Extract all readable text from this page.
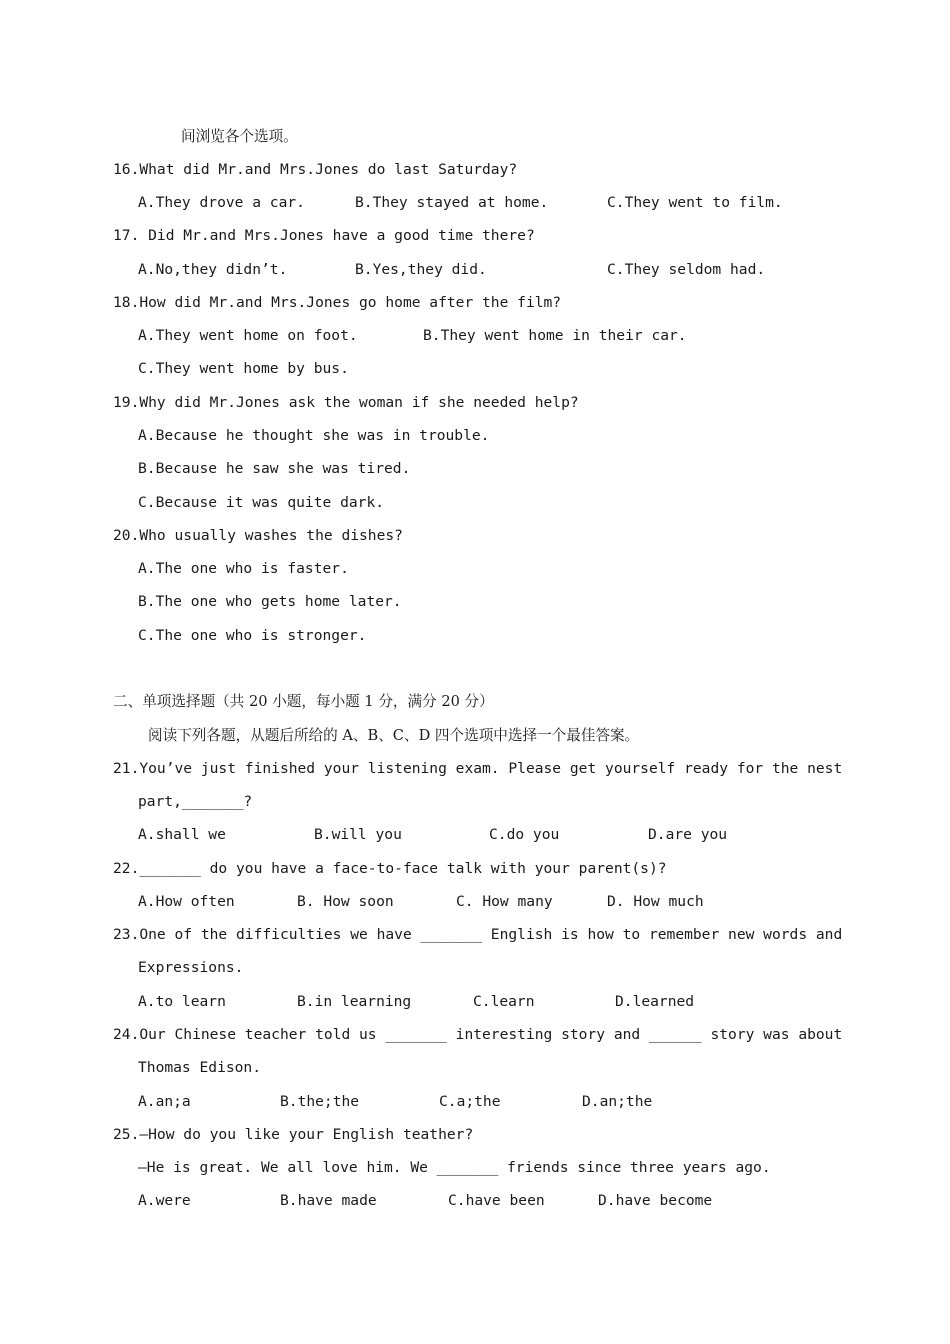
间浏览各个选项。
16.What did Mr.and Mrs.Jones do last Saturday?
A.They drove a car.	B.They stayed at home.	C.They went to film.
17. Did Mr.and Mrs.Jones have a good time there?
A.No,they didn’t.	B.Yes,they did.	C.They seldom had.
18.How did Mr.and Mrs.Jones go home after the film?
A.They went home on foot.	B.They went home in their car.
C.They went home by bus.
19.Why did Mr.Jones ask the woman if she needed help?
A.Because he thought she was in trouble.
B.Because he saw she was tired.
C.Because it was quite dark.
20.Who usually washes the dishes?
A.The one who is faster.
B.The one who gets home later.
C.The one who is stronger.
二、单项选择题（共 20 小题，每小题 1 分，满分 20 分）
阅读下列各题，从题后所给的 A、B、C、D 四个选项中选择一个最佳答案。
21.You’ve just finished your listening exam. Please get yourself ready for the nest
part,_______?
A.shall we	B.will you	C.do you	D.are you
22._______ do you have a face-to-face talk with your parent(s)?
A.How often	B. How soon	C. How many	D. How much
23.One of the difficulties we have _______ English is how to remember new words and
Expressions.
A.to learn	B.in learning	C.learn	D.learned
24.Our Chinese teacher told us _______ interesting story and ______ story was about
Thomas Edison.
A.an;a	B.the;the	C.a;the	D.an;the
25.—How do you like your English teather?
—He is great. We all love him. We _______ friends since three years ago.
A.were	B.have made	C.have been	D.have become
